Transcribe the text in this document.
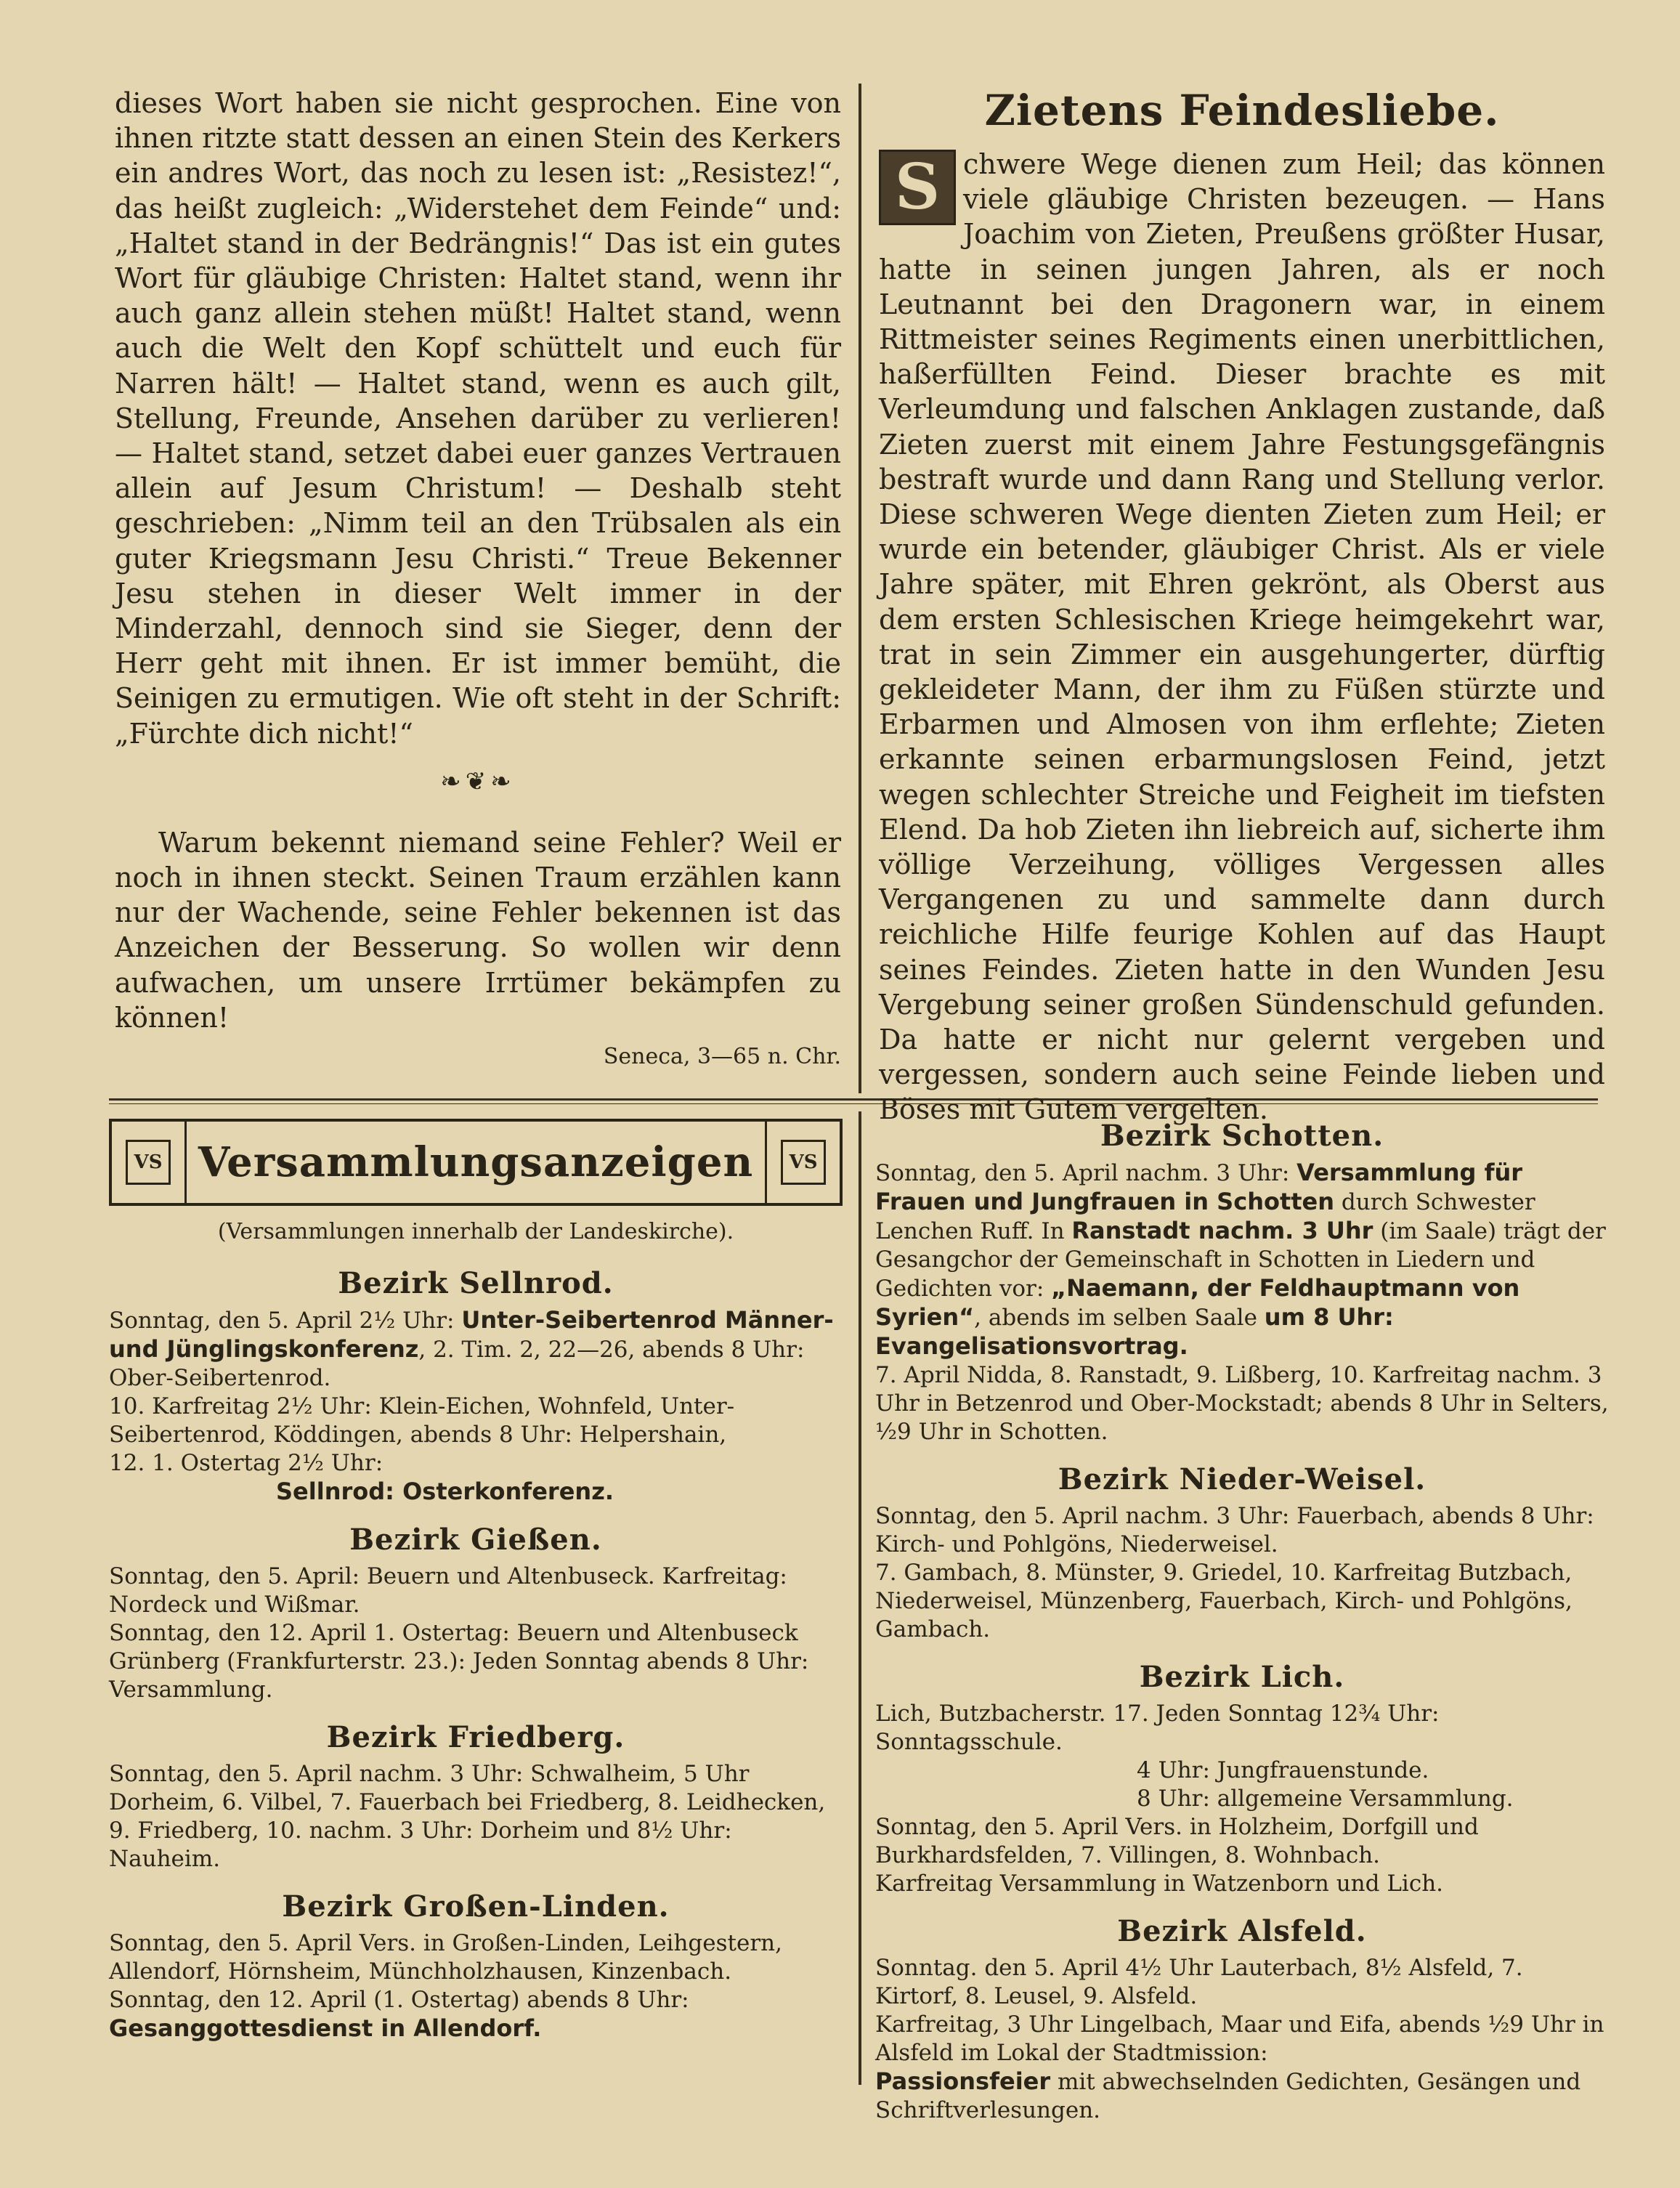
dieses Wort haben sie nicht gesprochen. Eine von ihnen ritzte statt dessen an einen Stein des Kerkers ein andres Wort, das noch zu lesen ist: „Resistez!“, das heißt zugleich: „Widerstehet dem Feinde“ und: „Haltet stand in der Bedrängnis!“ Das ist ein gutes Wort für gläubige Christen: Haltet stand, wenn ihr auch ganz allein stehen müßt! Haltet stand, wenn auch die Welt den Kopf schüttelt und euch für Narren hält! — Haltet stand, wenn es auch gilt, Stellung, Freunde, Ansehen darüber zu verlieren! — Haltet stand, setzet dabei euer ganzes Vertrauen allein auf Jesum Christum! — Deshalb steht geschrieben: „Nimm teil an den Trübsalen als ein guter Kriegsmann Jesu Christi.“ Treue Bekenner Jesu stehen in dieser Welt immer in der Minderzahl, dennoch sind sie Sieger, denn der Herr geht mit ihnen. Er ist immer bemüht, die Seinigen zu ermutigen. Wie oft steht in der Schrift: „Fürchte dich nicht!“

❧❦❧

Warum bekennt niemand seine Fehler? Weil er noch in ihnen steckt. Seinen Traum erzählen kann nur der Wachende, seine Fehler bekennen ist das Anzeichen der Besserung. So wollen wir denn aufwachen, um unsere Irrtümer bekämpfen zu können!

Seneca, 3—65 n. Chr.
Zietens Feindesliebe.

S chwere Wege dienen zum Heil; das können viele gläubige Christen bezeugen. — Hans Joachim von Zieten, Preußens größter Husar, hatte in seinen jungen Jahren, als er noch Leutnannt bei den Dragonern war, in einem Rittmeister seines Regiments einen unerbittlichen, haßerfüllten Feind. Dieser brachte es mit Verleumdung und falschen Anklagen zustande, daß Zieten zuerst mit einem Jahre Festungsgefängnis bestraft wurde und dann Rang und Stellung verlor. Diese schweren Wege dienten Zieten zum Heil; er wurde ein betender, gläubiger Christ. Als er viele Jahre später, mit Ehren gekrönt, als Oberst aus dem ersten Schlesischen Kriege heimgekehrt war, trat in sein Zimmer ein ausgehungerter, dürftig gekleideter Mann, der ihm zu Füßen stürzte und Erbarmen und Almosen von ihm erflehte; Zieten erkannte seinen erbarmungslosen Feind, jetzt wegen schlechter Streiche und Feigheit im tiefsten Elend. Da hob Zieten ihn liebreich auf, sicherte ihm völlige Verzeihung, völliges Vergessen alles Vergangenen zu und sammelte dann durch reichliche Hilfe feurige Kohlen auf das Haupt seines Feindes. Zieten hatte in den Wunden Jesu Vergebung seiner großen Sündenschuld gefunden. Da hatte er nicht nur gelernt vergeben und vergessen, sondern auch seine Feinde lieben und Böses mit Gutem vergelten.

VS Versammlungsanzeigen	VS
(Versammlungen innerhalb der Landeskirche).
Bezirk Sellnrod.

Sonntag, den 5. April 2½ Uhr: Unter-Seibertenrod Männer- und Jünglingskonferenz, 2. Tim. 2, 22—26, abends 8 Uhr: Ober-Seibertenrod.

10. Karfreitag 2½ Uhr: Klein-Eichen, Wohnfeld, Unter-Seibertenrod, Köddingen, abends 8 Uhr: Helpershain,

12. 1. Ostertag 2½ Uhr:

Sellnrod: Osterkonferenz.

Bezirk Gießen.

Sonntag, den 5. April: Beuern und Altenbuseck. Karfreitag: Nordeck und Wißmar.

Sonntag, den 12. April 1. Ostertag: Beuern und Altenbuseck

Grünberg (Frankfurterstr. 23.): Jeden Sonntag abends 8 Uhr: Versammlung.

Bezirk Friedberg.

Sonntag, den 5. April nachm. 3 Uhr: Schwalheim, 5 Uhr Dorheim, 6. Vilbel, 7. Fauerbach bei Friedberg, 8. Leidhecken, 9. Friedberg, 10. nachm. 3 Uhr: Dorheim und 8½ Uhr: Nauheim.

Bezirk Großen-Linden.

Sonntag, den 5. April Vers. in Großen-Linden, Leihgestern, Allendorf, Hörnsheim, Münchholzhausen, Kinzenbach.

Sonntag, den 12. April (1. Ostertag) abends 8 Uhr: Gesanggottesdienst in Allendorf.

Bezirk Schotten.

Sonntag, den 5. April nachm. 3 Uhr: Versammlung für Frauen und Jungfrauen in Schotten durch Schwester Lenchen Ruff. In Ranstadt nachm. 3 Uhr (im Saale) trägt der Gesangchor der Gemeinschaft in Schotten in Liedern und Gedichten vor: „Naemann, der Feldhauptmann von Syrien“, abends im selben Saale um 8 Uhr: Evangelisationsvortrag.

7. April Nidda, 8. Ranstadt, 9. Lißberg, 10. Karfreitag nachm. 3 Uhr in Betzenrod und Ober-Mockstadt; abends 8 Uhr in Selters, ½9 Uhr in Schotten.

Bezirk Nieder-Weisel.

Sonntag, den 5. April nachm. 3 Uhr: Fauerbach, abends 8 Uhr: Kirch- und Pohlgöns, Niederweisel.

7. Gambach, 8. Münster, 9. Griedel, 10. Karfreitag Butzbach, Niederweisel, Münzenberg, Fauerbach, Kirch- und Pohlgöns, Gambach.

Bezirk Lich.

Lich, Butzbacherstr. 17. Jeden Sonntag 12¾ Uhr: Sonntagsschule.

4 Uhr: Jungfrauenstunde.

8 Uhr: allgemeine Versammlung.

Sonntag, den 5. April Vers. in Holzheim, Dorfgill und Burkhardsfelden, 7. Villingen, 8. Wohnbach.

Karfreitag Versammlung in Watzenborn und Lich.

Bezirk Alsfeld.

Sonntag. den 5. April 4½ Uhr Lauterbach, 8½ Alsfeld, 7. Kirtorf, 8. Leusel, 9. Alsfeld.

Karfreitag, 3 Uhr Lingelbach, Maar und Eifa, abends ½9 Uhr in Alsfeld im Lokal der Stadtmission:

Passionsfeier mit abwechselnden Gedichten, Gesängen und Schriftverlesungen.
